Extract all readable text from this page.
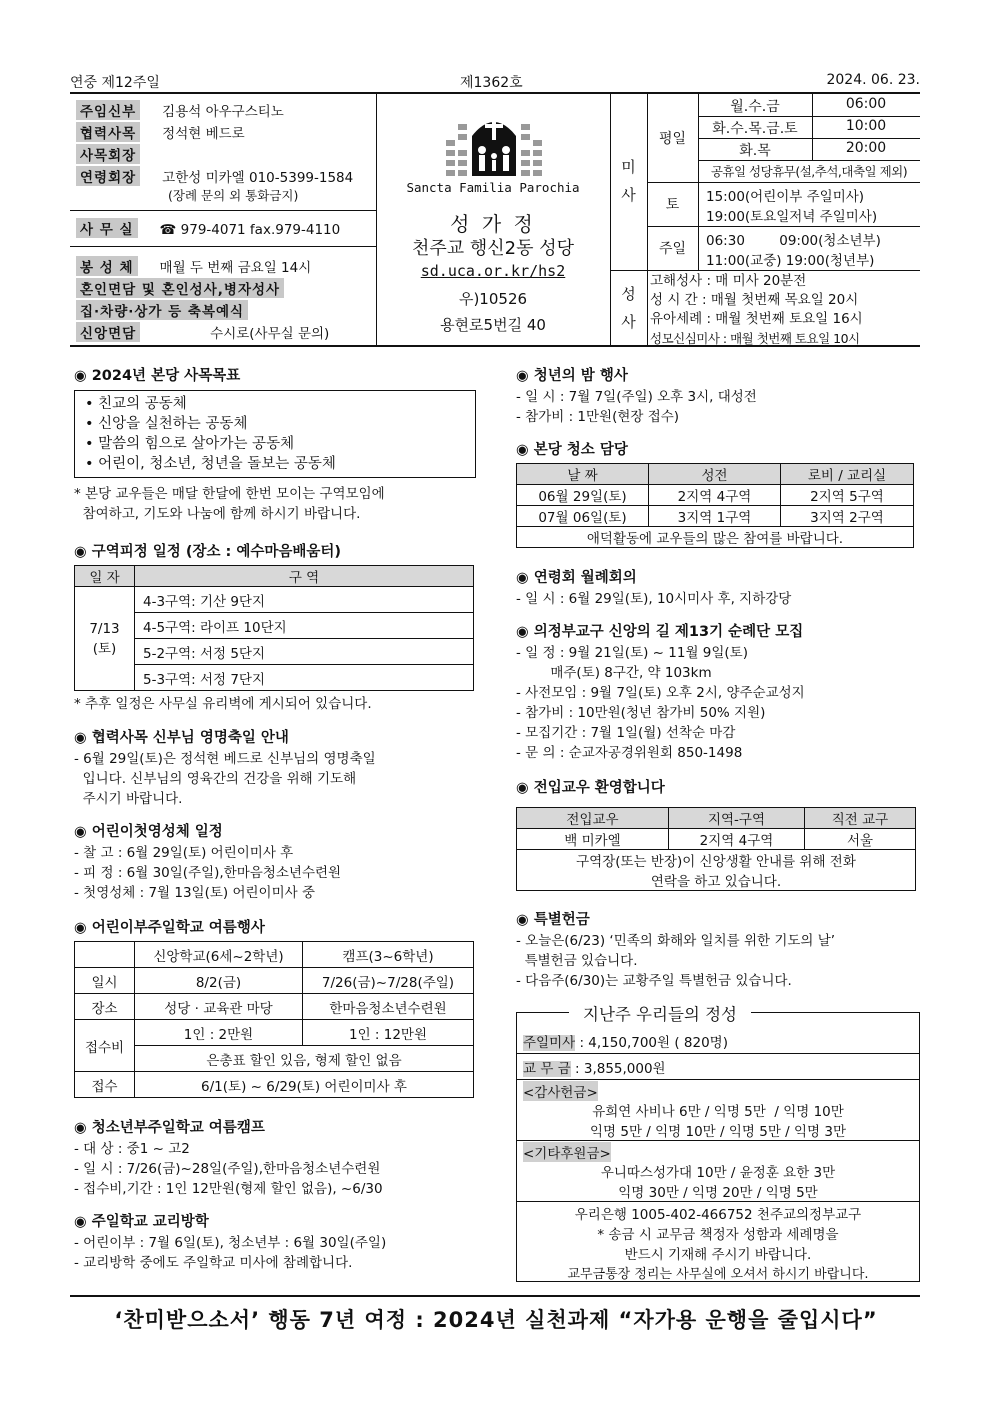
연중 제12주일	제1362호	2024. 06. 23.
주임신부 김용석 아우구스티노
협력사목 정석현 베드로
사목회장
연령회장 고한성 미카엘 010-5399-1584
(장례 문의 외 통화금지)
사 무 실 ☎ 979-4071 fax.979-4110
봉 성 체 매월 두 번째 금요일 14시
혼인면담 및 혼인성사,병자성사
집·차량·상가 등 축복예식
신앙면담	수시로(사무실 문의)
Sancta Familia Parochia
성 가 정
천주교 행신2동 성당
sd.uca.or.kr/hs2
우)10526
용현로5번길 40
미 사
성 사
평일
월.수.금	06:00
화.수.목.금.토	10:00
화.목	20:00
공휴일 성당휴무(설,추석,대축일 제외)
토	15:00(어린이부 주일미사)
19:00(토요일저녁 주일미사)
주일	06:30        09:00(청소년부)
11:00(교중) 19:00(청년부)
고해성사 : 매 미사 20분전
성 시 간 : 매월 첫번째 목요일 20시
유아세례 : 매월 첫번째 토요일 16시
성모신심미사 : 매월 첫번째 토요일 10시
◉ 2024년 본당 사목목표
• 친교의 공동체
• 신앙을 실천하는 공동체
• 말씀의 힘으로 살아가는 공동체
• 어린이, 청소년, 청년을 돌보는 공동체
* 본당 교우들은 매달 한달에 한번 모이는 구역모임에
참여하고, 기도와 나눔에 함께 하시기 바랍니다.
◉ 구역피정 일정 (장소 : 예수마음배움터)
일 자	구 역
7/13
(토)	4-3구역: 기산 9단지
	4-5구역: 라이프 10단지
	5-2구역: 서정 5단지
	5-3구역: 서정 7단지
* 추후 일정은 사무실 유리벽에 게시되어 있습니다.
◉ 협력사목 신부님 영명축일 안내
- 6월 29일(토)은 정석현 베드로 신부님의 영명축일
입니다. 신부님의 영육간의 건강을 위해 기도해
주시기 바랍니다.
◉ 어린이첫영성체 일정
- 찰 고 : 6월 29일(토) 어린이미사 후
- 피 정 : 6월 30일(주일),한마음청소년수련원
- 첫영성체 : 7월 13일(토) 어린이미사 중
◉ 어린이부주일학교 여름행사
	신앙학교(6세~2학년)	캠프(3~6학년)
일시	8/2(금)	7/26(금)~7/28(주일)
장소	성당 · 교육관 마당	한마음청소년수련원
접수비	1인 : 2만원	1인 : 12만원
	은총표 할인 있음, 형제 할인 없음	
접수	6/1(토) ~ 6/29(토) 어린이미사 후	
◉ 청소년부주일학교 여름캠프
- 대 상 : 중1 ~ 고2
- 일 시 : 7/26(금)~28일(주일),한마음청소년수련원
- 접수비,기간 : 1인 12만원(형제 할인 없음), ~6/30
◉ 주일학교 교리방학
- 어린이부 : 7월 6일(토), 청소년부 : 6월 30일(주일)
- 교리방학 중에도 주일학교 미사에 참례합니다.
◉ 청년의 밤 행사
- 일 시 : 7월 7일(주일) 오후 3시, 대성전
- 참가비 : 1만원(현장 접수)
◉ 본당 청소 담당
날 짜	성전	로비 / 교리실
06월 29일(토)	2지역 4구역	2지역 5구역
07월 06일(토)	3지역 1구역	3지역 2구역
애덕활동에 교우들의 많은 참여를 바랍니다.		
◉ 연령회 월례회의
- 일 시 : 6월 29일(토), 10시미사 후, 지하강당
◉ 의정부교구 신앙의 길 제13기 순례단 모집
- 일 정 : 9월 21일(토) ~ 11월 9일(토)
매주(토) 8구간, 약 103km
- 사전모임 : 9월 7일(토) 오후 2시, 양주순교성지
- 참가비 : 10만원(청년 참가비 50% 지원)
- 모집기간 : 7월 1일(월) 선착순 마감
- 문 의 : 순교자공경위원회 850-1498
◉ 전입교우 환영합니다
전입교우	지역-구역	직전 교구
백 미카엘	2지역 4구역	서울
구역장(또는 반장)이 신앙생활 안내를 위해 전화
연락을 하고 있습니다.		
◉ 특별헌금
- 오늘은(6/23) ‘민족의 화해와 일치를 위한 기도의 날’
특별헌금 있습니다.
- 다음주(6/30)는 교황주일 특별헌금 있습니다.
지난주 우리들의 정성
주일미사 : 4,150,700원 ( 820명)
교 무 금 : 3,855,000원
<감사헌금>
유희연 사비나 6만 / 익명 5만  / 익명 10만
익명 5만 / 익명 10만 / 익명 5만 / 익명 3만
<기타후원금>
우니따스성가대 10만 / 윤정훈 요한 3만
익명 30만 / 익명 20만 / 익명 5만
우리은행 1005-402-466752 천주교의정부교구
* 송금 시 교무금 책정자 성함과 세례명을
반드시 기재해 주시기 바랍니다.
교무금통장 정리는 사무실에 오셔서 하시기 바랍니다.
‘찬미받으소서’ 행동 7년 여정 : 2024년 실천과제 “자가용 운행을 줄입시다”
